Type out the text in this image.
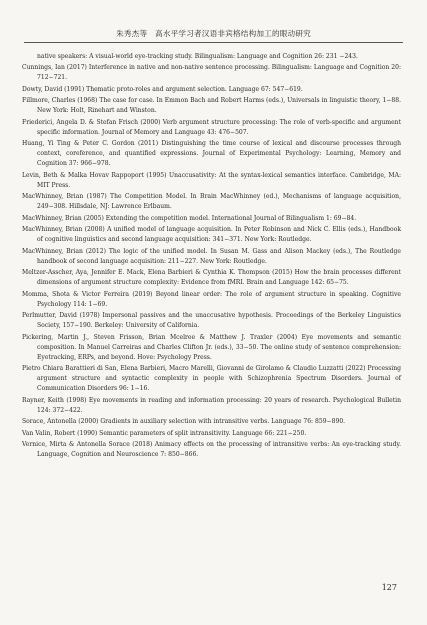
朱秀杰等　高水平学习者汉语非宾格结构加工的眼动研究

native speakers: A visual-world eye-tracking study. Bilingualism: Language and Cognition 26: 231 −243.

Cunnings, Ian (2017) Interference in native and non-native sentence processing. Bilingualism: Language and Cognition 20: 712−721.

Dowty, David (1991) Thematic proto-roles and argument selection. Language 67: 547−619.

Fillmore, Charles (1968) The case for case. In Emmon Bach and Robert Harms (eds.), Universals in linguistic theory, 1−88. New York: Holt, Rinehart and Winston.

Friederici, Angela D. & Stefan Frisch (2000) Verb argument structure processing: The role of verb-specific and argument specific information. Journal of Memory and Language 43: 476−507.

Huang, Yi Ting & Peter C. Gordon (2011) Distinguishing the time course of lexical and discourse processes through context, coreference, and quantified expressions. Journal of Experimental Psychology: Learning, Memory and Cognition 37: 966−978.

Levin, Beth & Malka Hovav Rappoport (1995) Unaccusativity: At the syntax-lexical semantics interface. Cambridge, MA: MIT Press.

MacWhinney, Brian (1987) The Competition Model. In Brain MacWhinney (ed.), Mechanisms of language acquisition, 249−308. Hillsdale, NJ: Lawrence Erlbaum.

MacWhinney, Brian (2005) Extending the competition model. International Journal of Bilingualism 1: 69−84.

MacWhinney, Brian (2008) A unified model of language acquisition. In Peter Robinson and Nick C. Ellis (eds.), Handbook of cognitive linguistics and second language acquisition: 341−371. New York: Routledge.

MacWhinney, Brian (2012) The logic of the unified model. In Susan M. Gass and Alison Mackey (eds.), The Routledge handbook of second language acquisition: 211−227. New York: Routledge.

Meltzer-Asscher, Aya, Jennifer E. Mack, Elena Barbieri & Cynthia K. Thompson (2015) How the brain processes different dimensions of argument structure complexity: Evidence from fMRI. Brain and Language 142: 65−75.

Momma, Shota & Victor Ferreira (2019) Beyond linear order: The role of argument structure in speaking. Cognitive Psychology 114: 1−69.

Perlmutter, David (1978) Impersonal passives and the unaccusative hypothesis. Proceedings of the Berkeley Linguistics Society, 157−190. Berkeley: University of California.

Pickering, Martin J., Steven Frisson, Brian Mcelree & Matthew J. Traxler (2004) Eye movements and semantic composition. In Manuel Carreiras and Charles Clifton Jr. (eds.), 33−50. The online study of sentence comprehension: Eyetracking, ERPs, and beyond. Hove: Psychology Press.

Pietro Chiara Barattieri di San, Elena Barbieri, Macro Marelli, Giovanni de Girolamo & Claudio Luzzatti (2022) Processing argument structure and syntactic complexity in people with Schizophrenia Spectrum Disorders. Journal of Communication Disorders 96: 1−16.

Rayner, Keith (1998) Eye movements in reading and information processing: 20 years of research. Psychological Bulletin 124: 372−422.

Sorace, Antonella (2000) Gradients in auxiliary selection with intransitive verbs. Language 76: 859−890.

Van Valin, Robert (1990) Semantic parameters of split intransitivity. Language 66: 221−250.

Vernice, Mirta & Antonella Sorace (2018) Animacy effects on the processing of intransitive verbs: An eye-tracking study. Language, Cognition and Neuroscience 7: 850−866.

127
